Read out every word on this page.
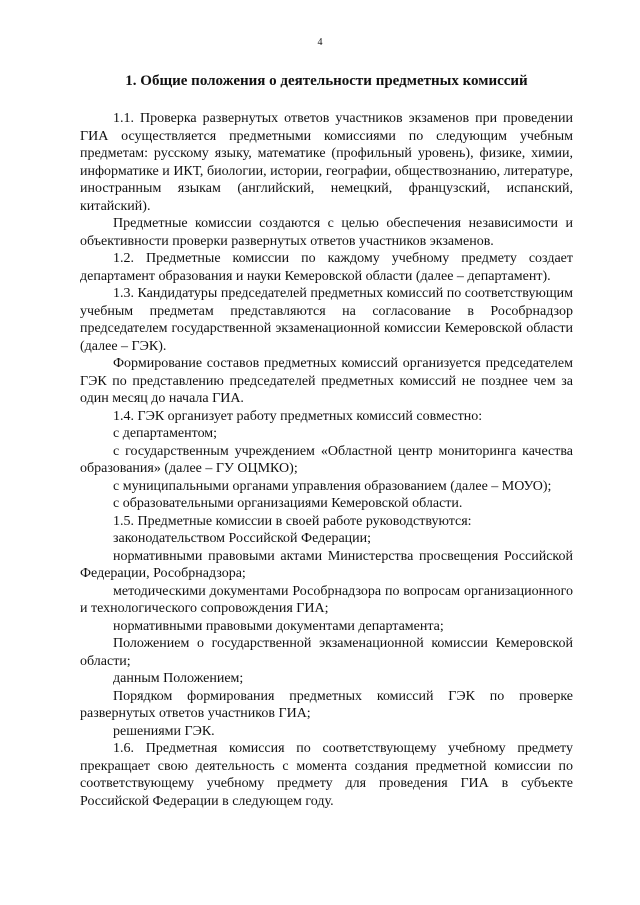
4
1. Общие положения о деятельности предметных комиссий

1.1. Проверка развернутых ответов участников экзаменов при проведении ГИА осуществляется предметными комиссиями по следующим учебным предметам: русскому языку, математике (профильный уровень), физике, химии, информатике и ИКТ, биологии, истории, географии, обществознанию, литературе, иностранным языкам (английский, немецкий, французский, испанский, китайский).

Предметные комиссии создаются с целью обеспечения независимости и объективности проверки развернутых ответов участников экзаменов.

1.2. Предметные комиссии по каждому учебному предмету создает департамент образования и науки Кемеровской области (далее – департамент).

1.3. Кандидатуры председателей предметных комиссий по соответствующим учебным предметам представляются на согласование в Рособрнадзор председателем государственной экзаменационной комиссии Кемеровской области (далее – ГЭК).

Формирование составов предметных комиссий организуется председателем ГЭК по представлению председателей предметных комиссий не позднее чем за один месяц до начала ГИА.

1.4. ГЭК организует работу предметных комиссий совместно:

с департаментом;

с государственным учреждением «Областной центр мониторинга качества образования» (далее – ГУ ОЦМКО);

с муниципальными органами управления образованием (далее – МОУО);

с образовательными организациями Кемеровской области.

1.5. Предметные комиссии в своей работе руководствуются:

законодательством Российской Федерации;

нормативными правовыми актами Министерства просвещения Российской Федерации, Рособрнадзора;

методическими документами Рособрнадзора по вопросам организационного и технологического сопровождения ГИА;

нормативными правовыми документами департамента;

Положением о государственной экзаменационной комиссии Кемеровской области;

данным Положением;

Порядком формирования предметных комиссий ГЭК по проверке развернутых ответов участников ГИА;

решениями ГЭК.

1.6. Предметная комиссия по соответствующему учебному предмету прекращает свою деятельность с момента создания предметной комиссии по соответствующему учебному предмету для проведения ГИА в субъекте Российской Федерации в следующем году.
